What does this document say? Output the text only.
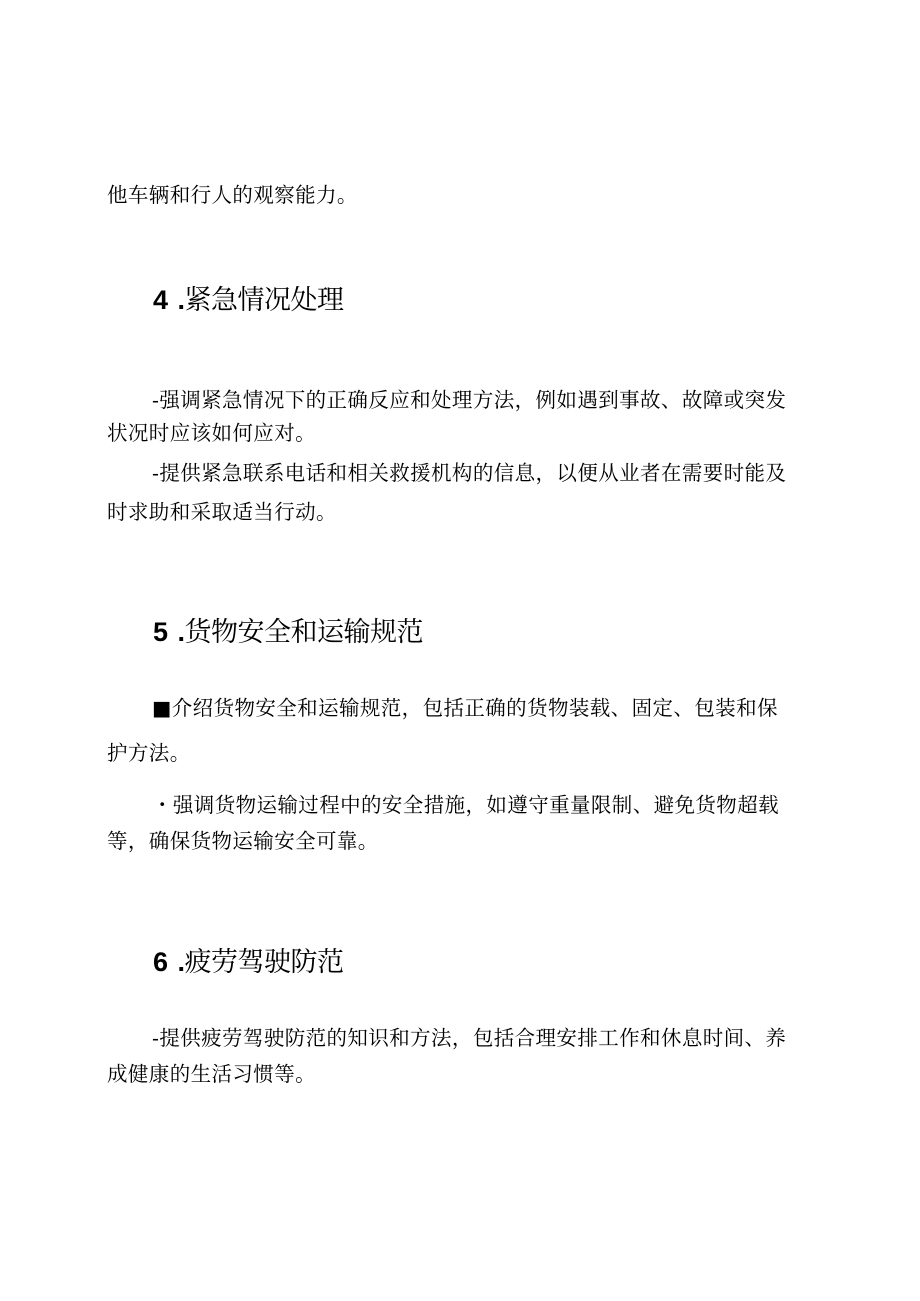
他车辆和行人的观察能力。

4 .紧急情况处理

-强调紧急情况下的正确反应和处理方法，例如遇到事故、故障或突发
状况时应该如何应对。

-提供紧急联系电话和相关救援机构的信息，以便从业者在需要时能及
时求助和采取适当行动。

5 .货物安全和运输规范

■介绍货物安全和运输规范，包括正确的货物装载、固定、包装和保
护方法。

・强调货物运输过程中的安全措施，如遵守重量限制、避免货物超载
等，确保货物运输安全可靠。

6 .疲劳驾驶防范

-提供疲劳驾驶防范的知识和方法，包括合理安排工作和休息时间、养
成健康的生活习惯等。
